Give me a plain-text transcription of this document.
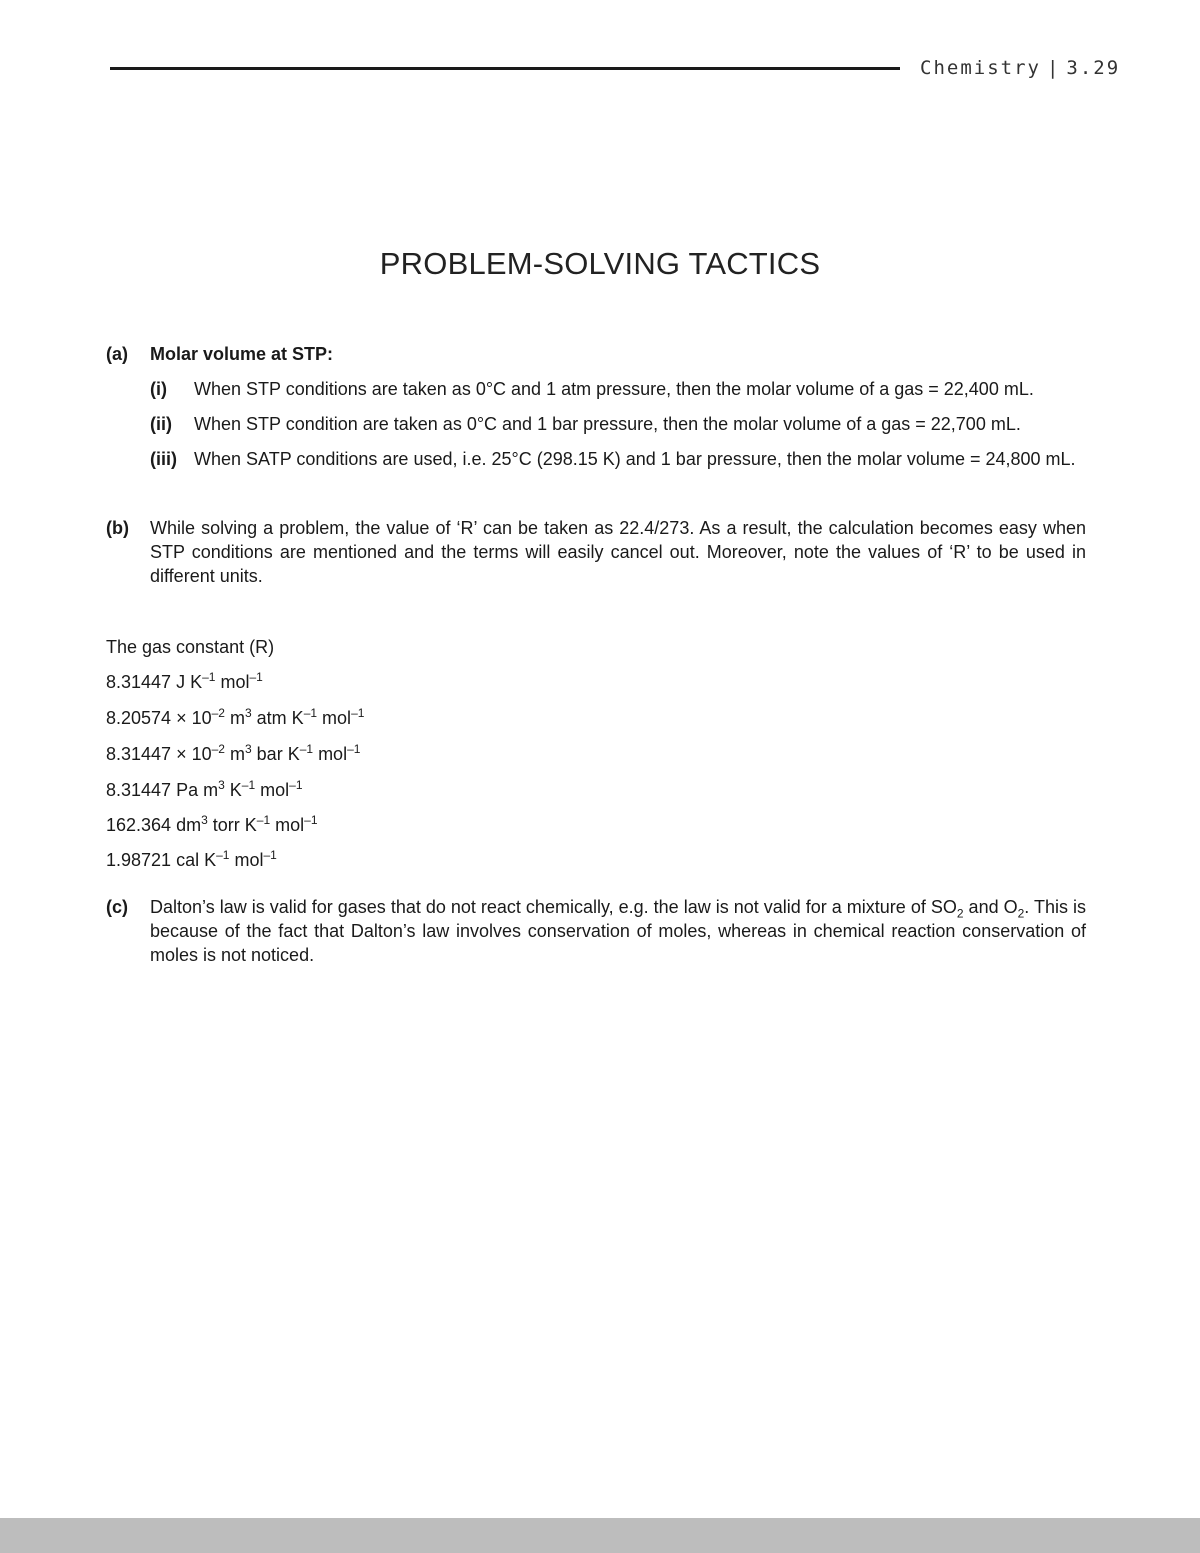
Chemistry | 3.29
PROBLEM-SOLVING TACTICS
(a) Molar volume at STP:
(i) When STP conditions are taken as 0°C and 1 atm pressure, then the molar volume of a gas = 22,400 mL.
(ii) When STP condition are taken as 0°C and 1 bar pressure, then the molar volume of a gas = 22,700 mL.
(iii) When SATP conditions are used, i.e. 25°C (298.15 K) and 1 bar pressure, then the molar volume = 24,800 mL.
(b) While solving a problem, the value of ‘R’ can be taken as 22.4/273. As a result, the calculation becomes easy when STP conditions are mentioned and the terms will easily cancel out. Moreover, note the values of ‘R’ to be used in different units.
The gas constant (R)
8.31447 J $K^{-1}$ mol$^{-1}$
$8.20574 \times 10^{-2}$ $m^3$ atm $K^{-1}$ mol$^{-1}$
$8.31447 \times 10^{-2}$ $m^3$ bar $K^{-1}$ mol$^{-1}$
8.31447 Pa $m^3$ $K^{-1}$ mol$^{-1}$
162.364 $dm^3$ torr $K^{-1}$ mol$^{-1}$
1.98721 cal $K^{-1}$ mol$^{-1}$
(c) Dalton’s law is valid for gases that do not react chemically, e.g. the law is not valid for a mixture of $SO_2$ and $O_2$. This is because of the fact that Dalton’s law involves conservation of moles, whereas in chemical reaction conservation of moles is not noticed.
